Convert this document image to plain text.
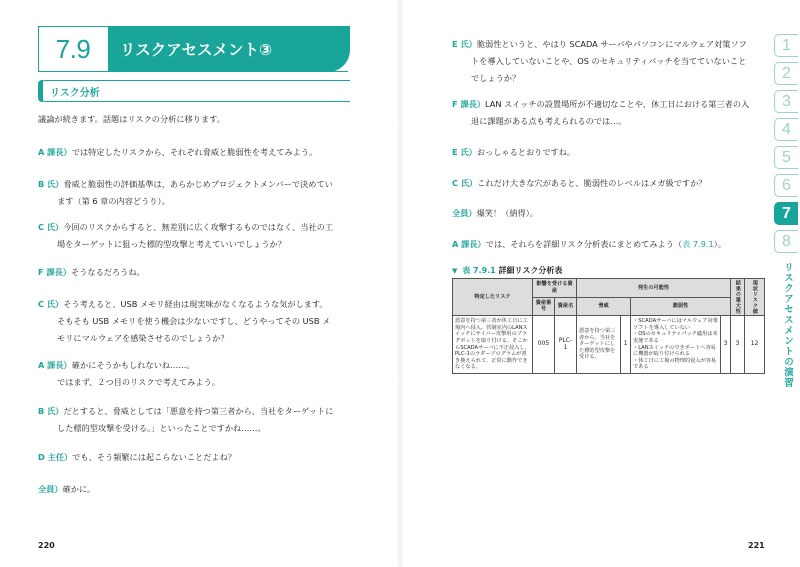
7.9	リスクアセスメント③
リスク分析
議論が続きます。話題はリスクの分析に移ります。
A 課長）では特定したリスクから、それぞれ脅威と脆弱性を考えてみよう。
B 氏）脅威と脆弱性の評価基準は、あらかじめプロジェクトメンバーで決めてい
ます（第 6 章の内容どうり）。
C 氏）今回のリスクからすると、無差別に広く攻撃するものではなく、当社の工
場をターゲットに狙った標的型攻撃と考えていいでしょうか？
F 課長）そうなるだろうね。
C 氏）そう考えると、USB メモリ経由は現実味がなくなるような気がします。
そもそも USB メモリを使う機会は少ないですし、どうやってその USB メ
モリにマルウェアを感染させるのでしょうか？
A 課長）確かにそうかもしれないね……。
ではまず、２つ目のリスクで考えてみよう。
B 氏）だとすると、脅威としては「悪意を持つ第三者から、当社をターゲットに
した標的型攻撃を受ける。」といったことですかね……。
D 主任）でも、そう頻繁には起こらないことだよね？
全員）確かに。
220
E 氏）脆弱性というと、やはり SCADA サーバやパソコンにマルウェア対策ソフ
トを導入していないことや、OS のセキュリティパッチを当てていないこと
でしょうか？
F 課長）LAN スイッチの設置場所が不適切なことや、休工日における第三者の入
退に課題がある点も考えられるのでは…。
E 氏）おっしゃるとおりですね。
C 氏）これだけ大きな穴があると、脆弱性のレベルはメガ級ですか？
全員）爆笑！（納得）。
A 課長）では、それらを詳細リスク分析表にまとめてみよう（表 7.9.1）。
▼ 表 7.9.1 詳細リスク分析表
特定したリスク	影響を受ける資産		発生の可能性				結果の重大性	現状リスク値

	資産番号	資産名	脅威		脆弱性			
悪意を持つ第三者が休工日に工場内へ侵入。管制室内のLANスイッチにサイバー攻撃用のプラグボットを取り付ける。そこからSCADAサーバに不正侵入し、PLC-1のラダープログラムが書き換えられて、正常に動作できなくなる。	005	PLC-1	悪意を持つ第三者から、当社をターゲットにした標的型攻撃を受ける。	1	・SCADAサーバにはマルウェア対策ソフトを導入していない
・OSのセキュリティパッチ適用は未実施である
・LANスイッチの空きポートへ容易に機器が取り付けられる
・休工日に工場の物理的侵入が容易である	3	3	12
221
1
2
3
4
5
6
7
8
リスクアセスメントの演習
